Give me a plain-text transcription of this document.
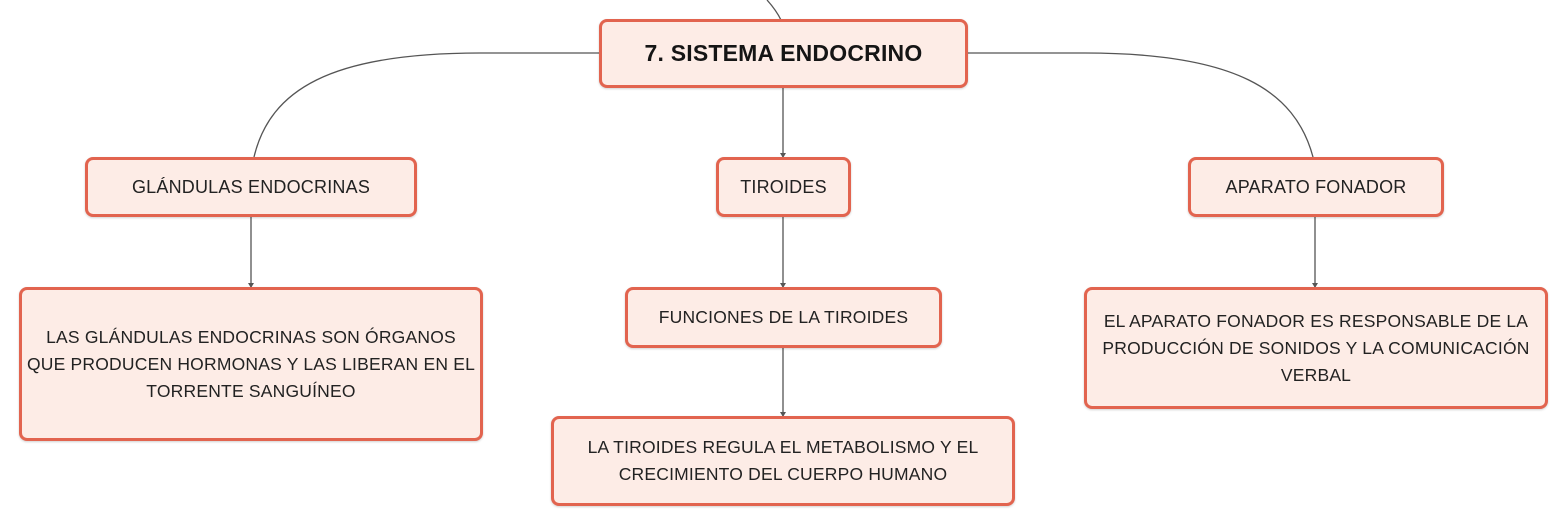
7. SISTEMA ENDOCRINO
GLÁNDULAS ENDOCRINAS	TIROIDES	APARATO FONADOR
LAS GLÁNDULAS ENDOCRINAS SON ÓRGANOS QUE PRODUCEN HORMONAS Y LAS LIBERAN EN EL TORRENTE SANGUÍNEO
FUNCIONES DE LA TIROIDES
LA TIROIDES REGULA EL METABOLISMO Y EL CRECIMIENTO DEL CUERPO HUMANO
EL APARATO FONADOR ES RESPONSABLE DE LA PRODUCCIÓN DE SONIDOS Y LA COMUNICACIÓN VERBAL
